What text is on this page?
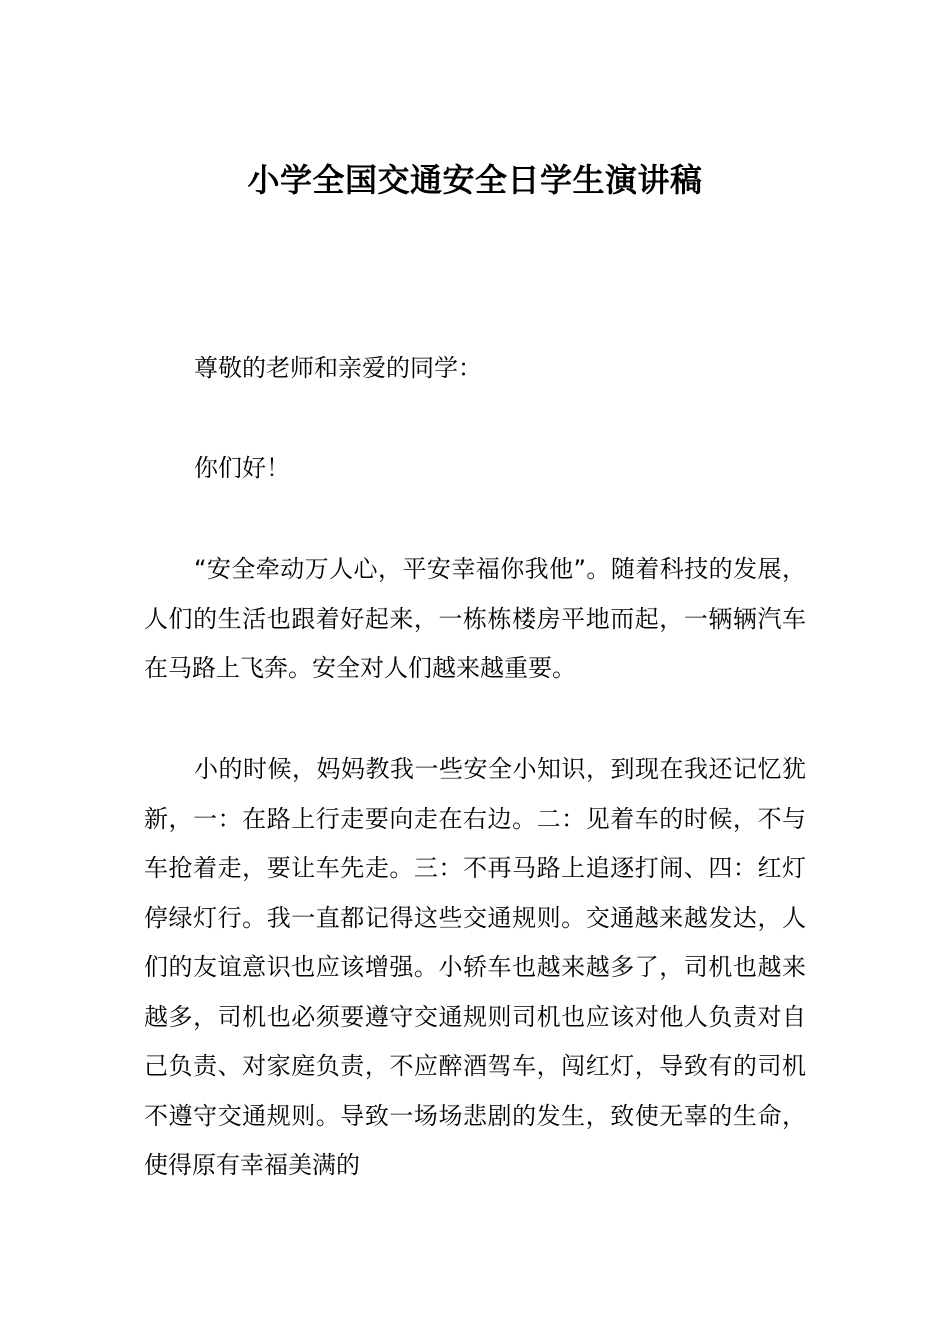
小学全国交通安全日学生演讲稿
尊敬的老师和亲爱的同学：
你们好！
“安全牵动万人心，平安幸福你我他”。随着科技的发展，人们的生活也跟着好起来，一栋栋楼房平地而起，一辆辆汽车在马路上飞奔。安全对人们越来越重要。
小的时候，妈妈教我一些安全小知识，到现在我还记忆犹新，一：在路上行走要向走在右边。二：见着车的时候，不与车抢着走，要让车先走。三：不再马路上追逐打闹、四：红灯停绿灯行。我一直都记得这些交通规则。交通越来越发达，人们的友谊意识也应该增强。小轿车也越来越多了，司机也越来越多，司机也必须要遵守交通规则司机也应该对他人负责对自己负责、对家庭负责，不应醉酒驾车，闯红灯，导致有的司机不遵守交通规则。导致一场场悲剧的发生，致使无辜的生命，使得原有幸福美满的
